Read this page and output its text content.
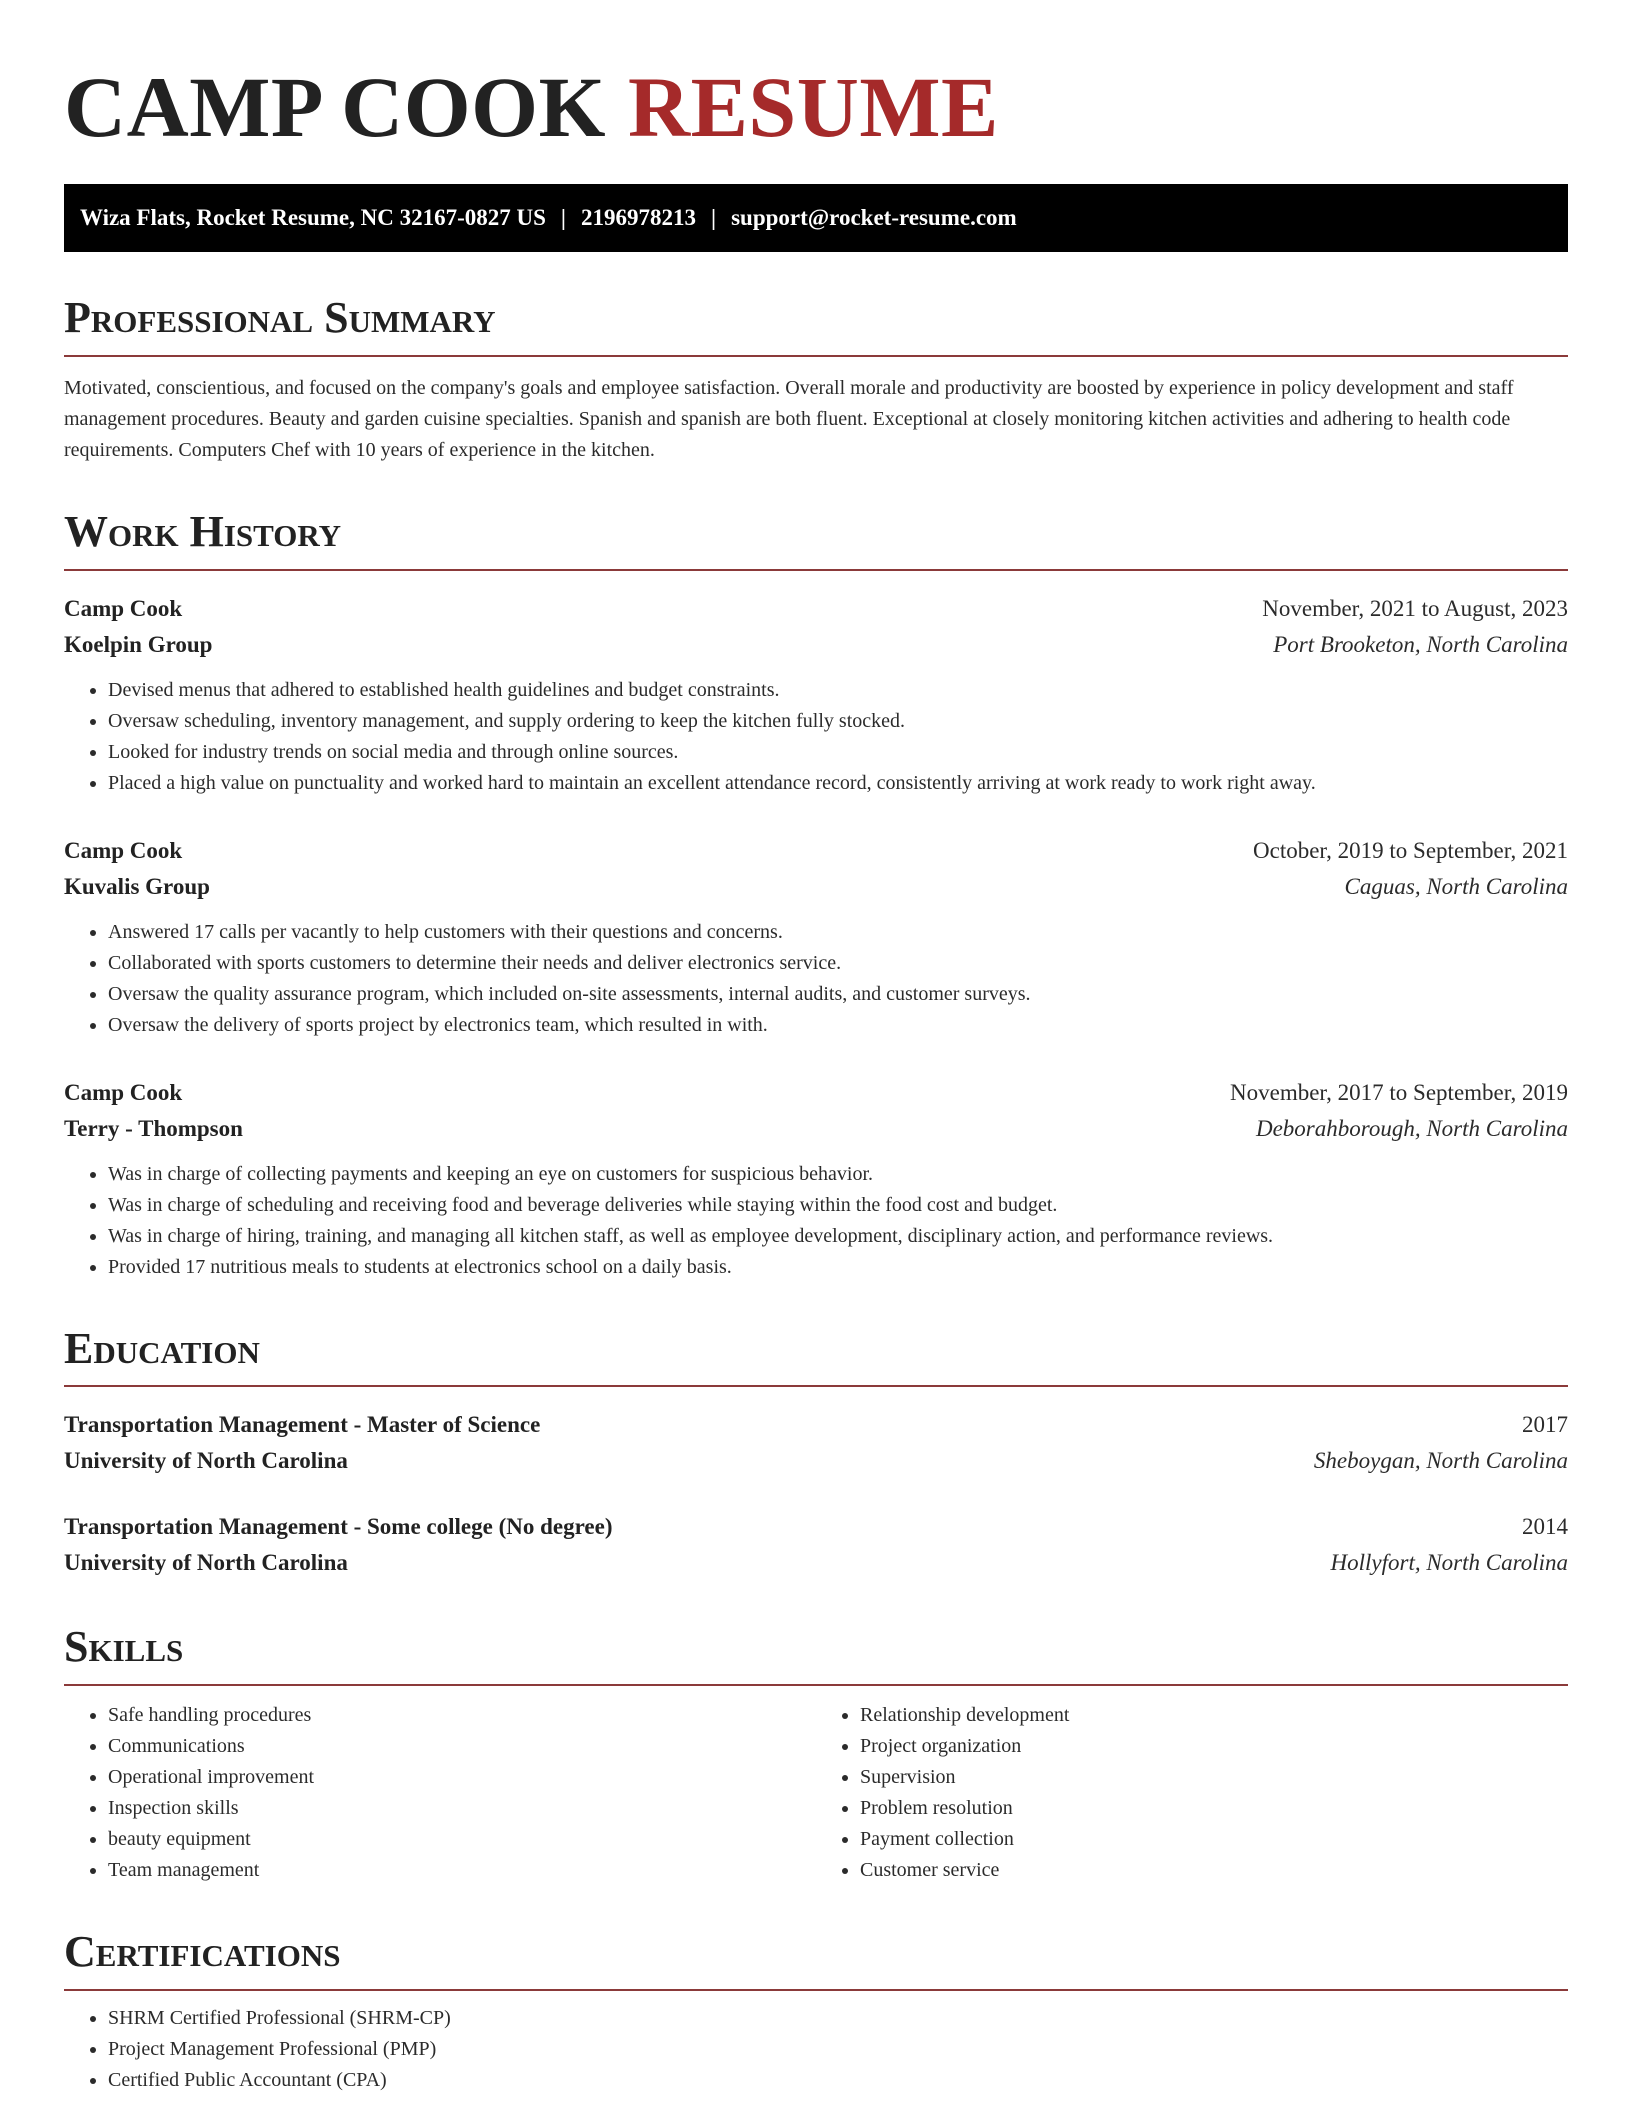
CAMP COOK RESUME
Wiza Flats, Rocket Resume, NC 32167-0827 US | 2196978213 | support@rocket-resume.com
Professional Summary
Motivated, conscientious, and focused on the company's goals and employee satisfaction. Overall morale and productivity are boosted by experience in policy development and staff management procedures. Beauty and garden cuisine specialties. Spanish and spanish are both fluent. Exceptional at closely monitoring kitchen activities and adhering to health code requirements. Computers Chef with 10 years of experience in the kitchen.
Work History
Camp Cook	November, 2021 to August, 2023
Koelpin Group	Port Brooketon, North Carolina
• Devised menus that adhered to established health guidelines and budget constraints.
• Oversaw scheduling, inventory management, and supply ordering to keep the kitchen fully stocked.
• Looked for industry trends on social media and through online sources.
• Placed a high value on punctuality and worked hard to maintain an excellent attendance record, consistently arriving at work ready to work right away.
Camp Cook	October, 2019 to September, 2021
Kuvalis Group	Caguas, North Carolina
• Answered 17 calls per vacantly to help customers with their questions and concerns.
• Collaborated with sports customers to determine their needs and deliver electronics service.
• Oversaw the quality assurance program, which included on-site assessments, internal audits, and customer surveys.
• Oversaw the delivery of sports project by electronics team, which resulted in with.
Camp Cook	November, 2017 to September, 2019
Terry - Thompson	Deborahborough, North Carolina
• Was in charge of collecting payments and keeping an eye on customers for suspicious behavior.
• Was in charge of scheduling and receiving food and beverage deliveries while staying within the food cost and budget.
• Was in charge of hiring, training, and managing all kitchen staff, as well as employee development, disciplinary action, and performance reviews.
• Provided 17 nutritious meals to students at electronics school on a daily basis.
Education
Transportation Management - Master of Science	2017
University of North Carolina	Sheboygan, North Carolina
Transportation Management - Some college (No degree)	2014
University of North Carolina	Hollyfort, North Carolina
Skills
• Safe handling procedures
• Communications
• Operational improvement
• Inspection skills
• beauty equipment
• Team management
• Relationship development
• Project organization
• Supervision
• Problem resolution
• Payment collection
• Customer service
Certifications
• SHRM Certified Professional (SHRM-CP)
• Project Management Professional (PMP)
• Certified Public Accountant (CPA)
